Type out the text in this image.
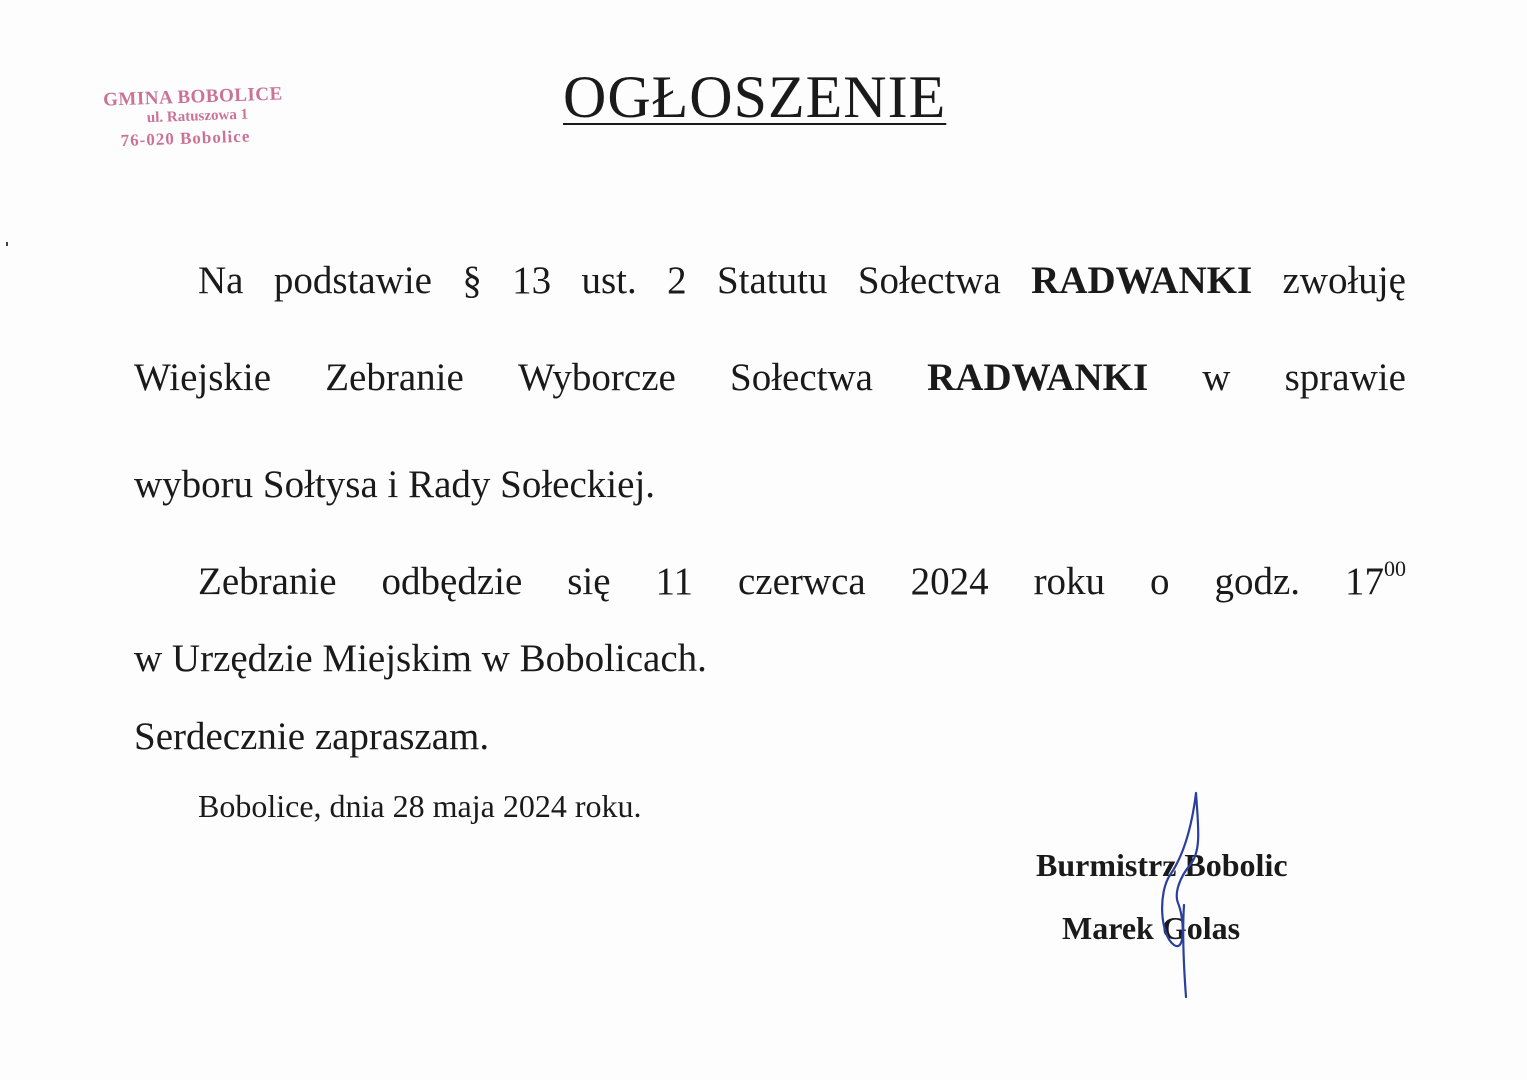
GMINA BOBOLICE
ul. Ratuszowa 1
76-020 Bobolice
OGŁOSZENIE
Na podstawie § 13 ust. 2 Statutu Sołectwa RADWANKI zwołuję
Wiejskie Zebranie Wyborcze Sołectwa RADWANKI w sprawie
wyboru Sołtysa i Rady Sołeckiej.
Zebranie odbędzie się 11 czerwca 2024 roku o godz. $17^{00}$
w Urzędzie Miejskim w Bobolicach.
Serdecznie zapraszam.
Bobolice, dnia 28 maja 2024 roku.
Burmistrz Bobolic
Marek Golas
